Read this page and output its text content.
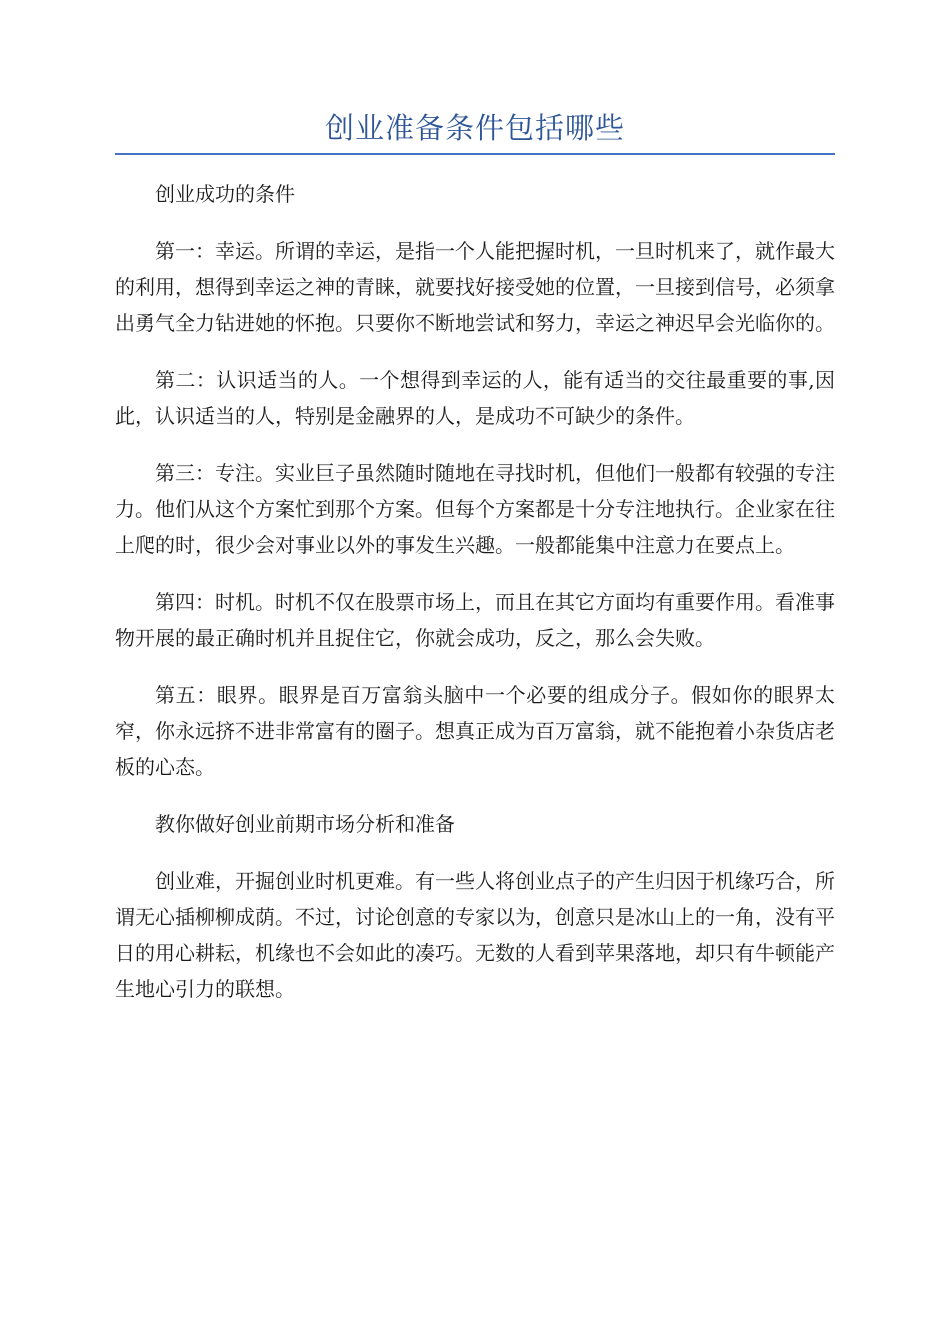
创业准备条件包括哪些

创业成功的条件

第一：幸运。所谓的幸运，是指一个人能把握时机，一旦时机来了，就作最大的利用，想得到幸运之神的青睐，就要找好接受她的位置，一旦接到信号，必须拿出勇气全力钻进她的怀抱。只要你不断地尝试和努力，幸运之神迟早会光临你的。

第二：认识适当的人。一个想得到幸运的人，能有适当的交往最重要的事,因此，认识适当的人，特别是金融界的人，是成功不可缺少的条件。

第三：专注。实业巨子虽然随时随地在寻找时机，但他们一般都有较强的专注力。他们从这个方案忙到那个方案。但每个方案都是十分专注地执行。企业家在往上爬的时，很少会对事业以外的事发生兴趣。一般都能集中注意力在要点上。

第四：时机。时机不仅在股票市场上，而且在其它方面均有重要作用。看准事物开展的最正确时机并且捉住它，你就会成功，反之，那么会失败。

第五：眼界。眼界是百万富翁头脑中一个必要的组成分子。假如你的眼界太窄，你永远挤不进非常富有的圈子。想真正成为百万富翁，就不能抱着小杂货店老板的心态。

教你做好创业前期市场分析和准备

创业难，开掘创业时机更难。有一些人将创业点子的产生归因于机缘巧合，所谓无心插柳柳成荫。不过，讨论创意的专家以为，创意只是冰山上的一角，没有平日的用心耕耘，机缘也不会如此的凑巧。无数的人看到苹果落地，却只有牛顿能产生地心引力的联想。
